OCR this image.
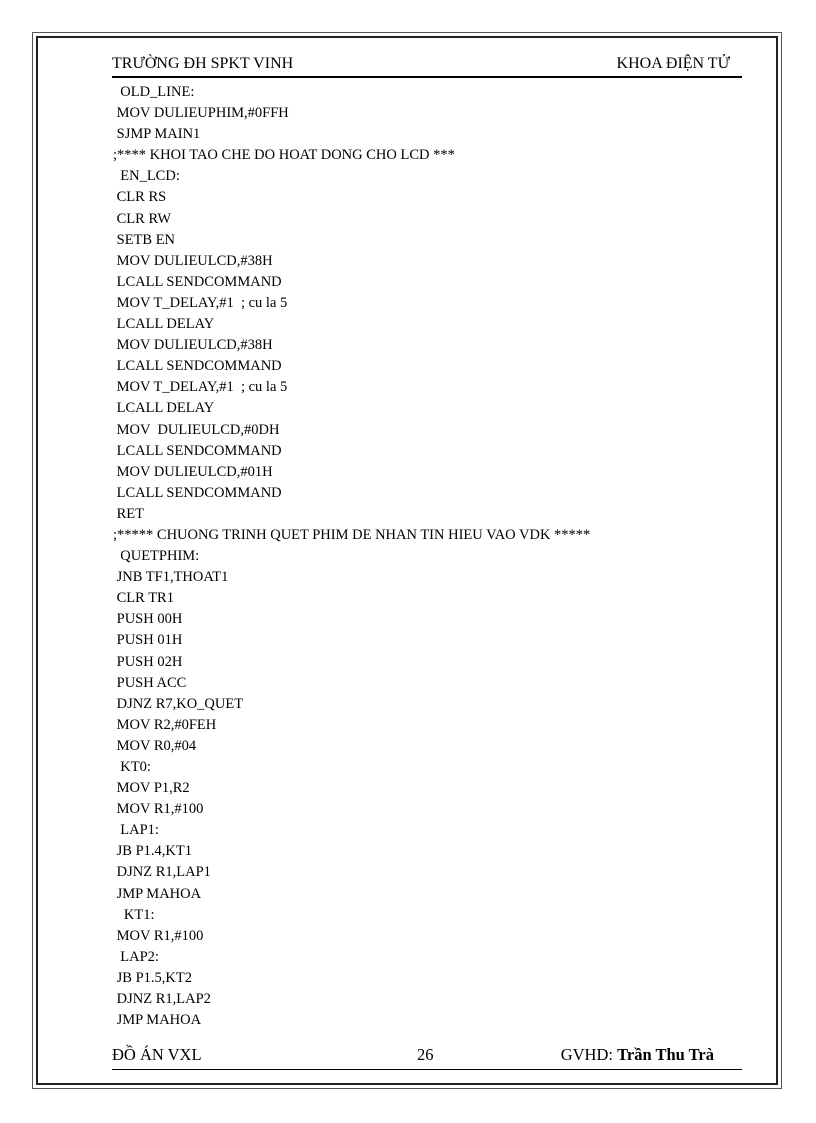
TRƯỜNG ĐH SPKT VINH	KHOA ĐIỆN TỬ
OLD_LINE:
MOV DULIEUPHIM,#0FFH
SJMP MAIN1
;**** KHOI TAO CHE DO HOAT DONG CHO LCD ***
EN_LCD:
CLR RS
CLR RW
SETB EN
MOV DULIEULCD,#38H
LCALL SENDCOMMAND
MOV T_DELAY,#1  ; cu la 5
LCALL DELAY
MOV DULIEULCD,#38H
LCALL SENDCOMMAND
MOV T_DELAY,#1  ; cu la 5
LCALL DELAY
MOV  DULIEULCD,#0DH
LCALL SENDCOMMAND
MOV DULIEULCD,#01H
LCALL SENDCOMMAND
RET
;***** CHUONG TRINH QUET PHIM DE NHAN TIN HIEU VAO VDK *****
QUETPHIM:
JNB TF1,THOAT1
CLR TR1
PUSH 00H
PUSH 01H
PUSH 02H
PUSH ACC
DJNZ R7,KO_QUET
MOV R2,#0FEH
MOV R0,#04
KT0:
MOV P1,R2
MOV R1,#100
LAP1:
JB P1.4,KT1
DJNZ R1,LAP1
JMP MAHOA
KT1:
MOV R1,#100
LAP2:
JB P1.5,KT2
DJNZ R1,LAP2
JMP MAHOA
ĐỒ ÁN VXL	26	GVHD: Trần Thu Trà
